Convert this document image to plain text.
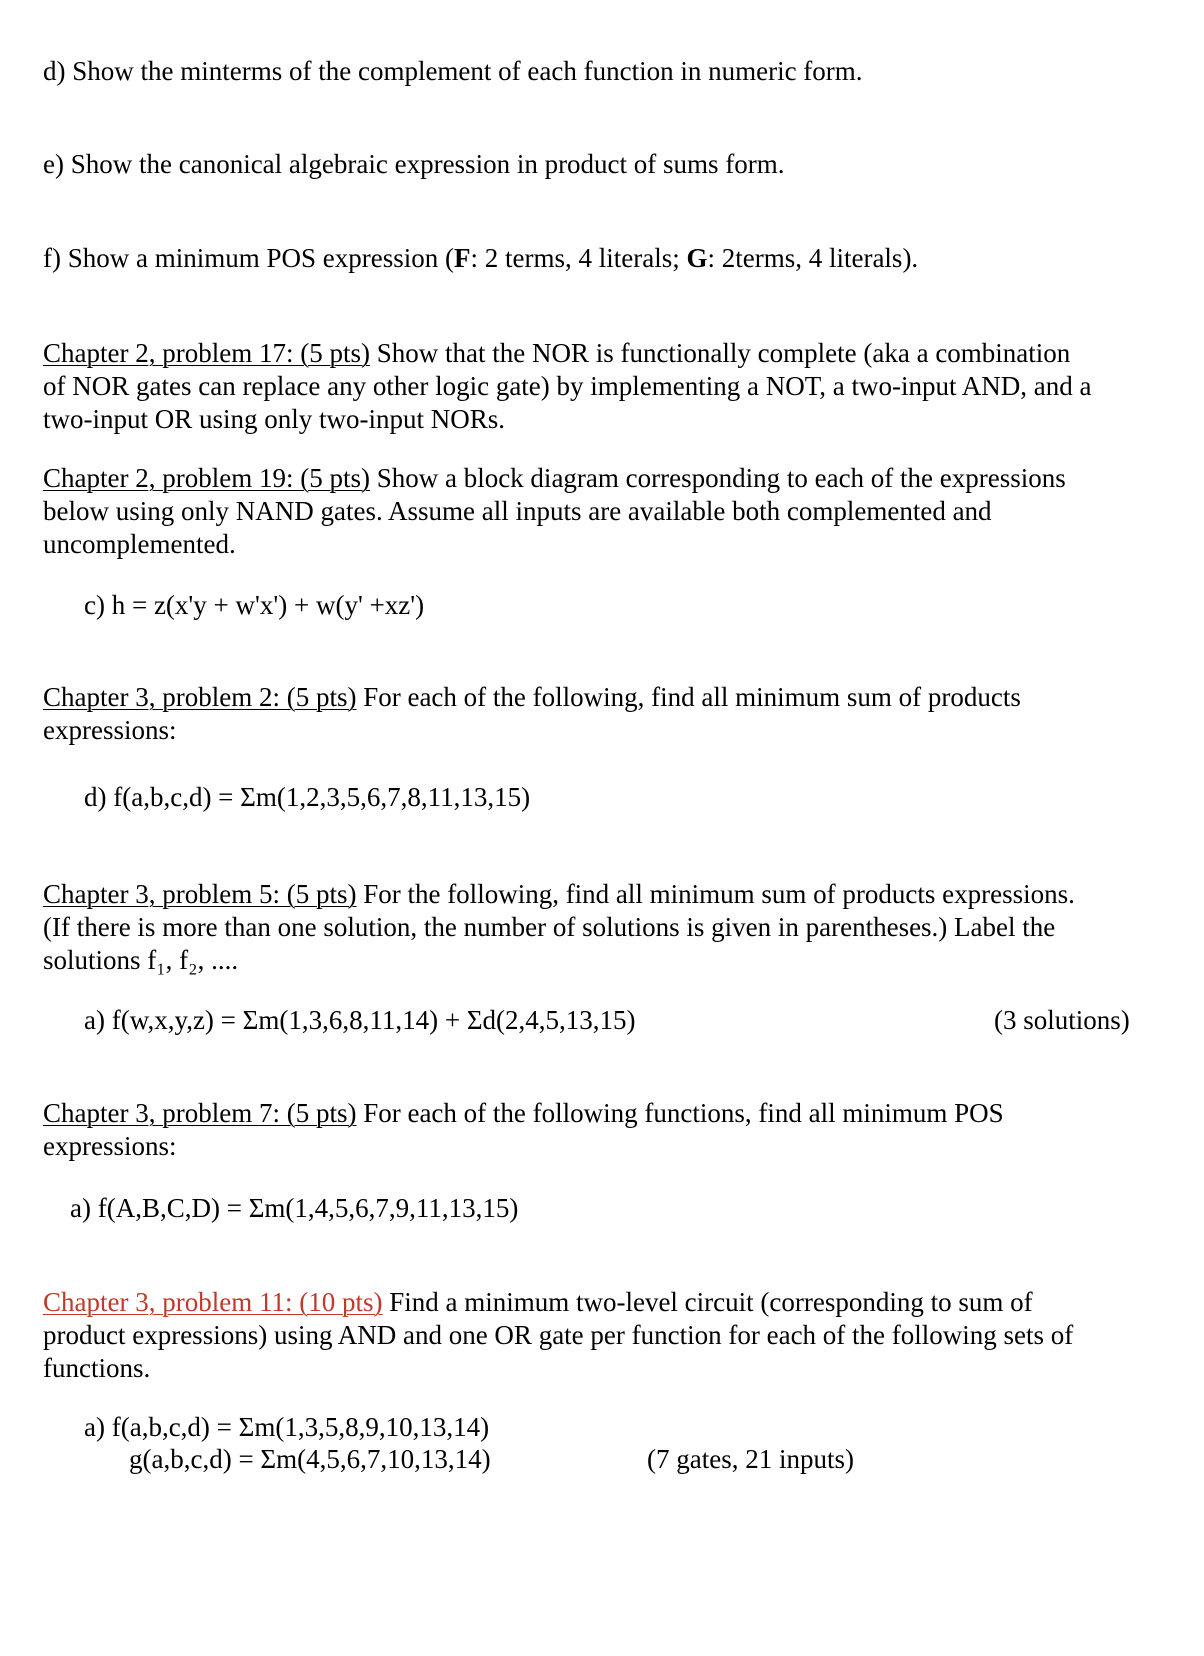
d) Show the minterms of the complement of each function in numeric form.
e) Show the canonical algebraic expression in product of sums form.
f) Show a minimum POS expression (F: 2 terms, 4 literals; G: 2terms, 4 literals).
Chapter 2, problem 17: (5 pts) Show that the NOR is functionally complete (aka a combination
of NOR gates can replace any other logic gate) by implementing a NOT, a two-input AND, and a
two-input OR using only two-input NORs.
Chapter 2, problem 19: (5 pts) Show a block diagram corresponding to each of the expressions
below using only NAND gates. Assume all inputs are available both complemented and
uncomplemented.
c) h = z(x'y + w'x') + w(y' +xz')
Chapter 3, problem 2: (5 pts) For each of the following, find all minimum sum of products
expressions:
d) f(a,b,c,d) = Σm(1,2,3,5,6,7,8,11,13,15)
Chapter 3, problem 5: (5 pts) For the following, find all minimum sum of products expressions.
(If there is more than one solution, the number of solutions is given in parentheses.) Label the
solutions f₁, f₂, ....
a) f(w,x,y,z) = Σm(1,3,6,8,11,14) + Σd(2,4,5,13,15)	(3 solutions)
Chapter 3, problem 7: (5 pts) For each of the following functions, find all minimum POS
expressions:
a) f(A,B,C,D) = Σm(1,4,5,6,7,9,11,13,15)
Chapter 3, problem 11: (10 pts) Find a minimum two-level circuit (corresponding to sum of
product expressions) using AND and one OR gate per function for each of the following sets of
functions.
a) f(a,b,c,d) = Σm(1,3,5,8,9,10,13,14)
g(a,b,c,d) = Σm(4,5,6,7,10,13,14)	(7 gates, 21 inputs)
